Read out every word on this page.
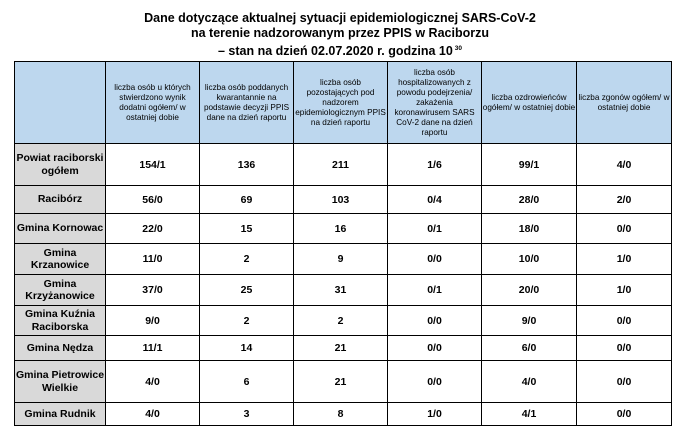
Dane dotyczące aktualnej sytuacji epidemiologicznej SARS-CoV-2
na terenie nadzorowanym przez PPIS w Raciborzu
– stan na dzień 02.07.2020 r. godzina 10 $^{30}$
	liczba osób u których stwierdzono wynik dodatni ogółem/ w ostatniej dobie	liczba osób poddanych kwarantannie na podstawie decyzji PPIS dane na dzień raportu	liczba osób pozostających pod nadzorem epidemiologicznym PPIS na dzień raportu	liczba osób hospitalizowanych z powodu podejrzenia/ zakażenia koronawirusem SARS CoV-2 dane na dzień raportu	liczba ozdrowieńców ogółem/ w ostatniej dobie	liczba zgonów ogółem/ w ostatniej dobie
Powiat raciborski ogółem	154/1	136	211	1/6	99/1	4/0
Racibórz	56/0	69	103	0/4	28/0	2/0
Gmina Kornowac	22/0	15	16	0/1	18/0	0/0
Gmina Krzanowice	11/0	2	9	0/0	10/0	1/0
Gmina Krzyżanowice	37/0	25	31	0/1	20/0	1/0
Gmina Kuźnia Raciborska	9/0	2	2	0/0	9/0	0/0
Gmina Nędza	11/1	14	21	0/0	6/0	0/0
Gmina Pietrowice Wielkie	4/0	6	21	0/0	4/0	0/0
Gmina Rudnik	4/0	3	8	1/0	4/1	0/0
